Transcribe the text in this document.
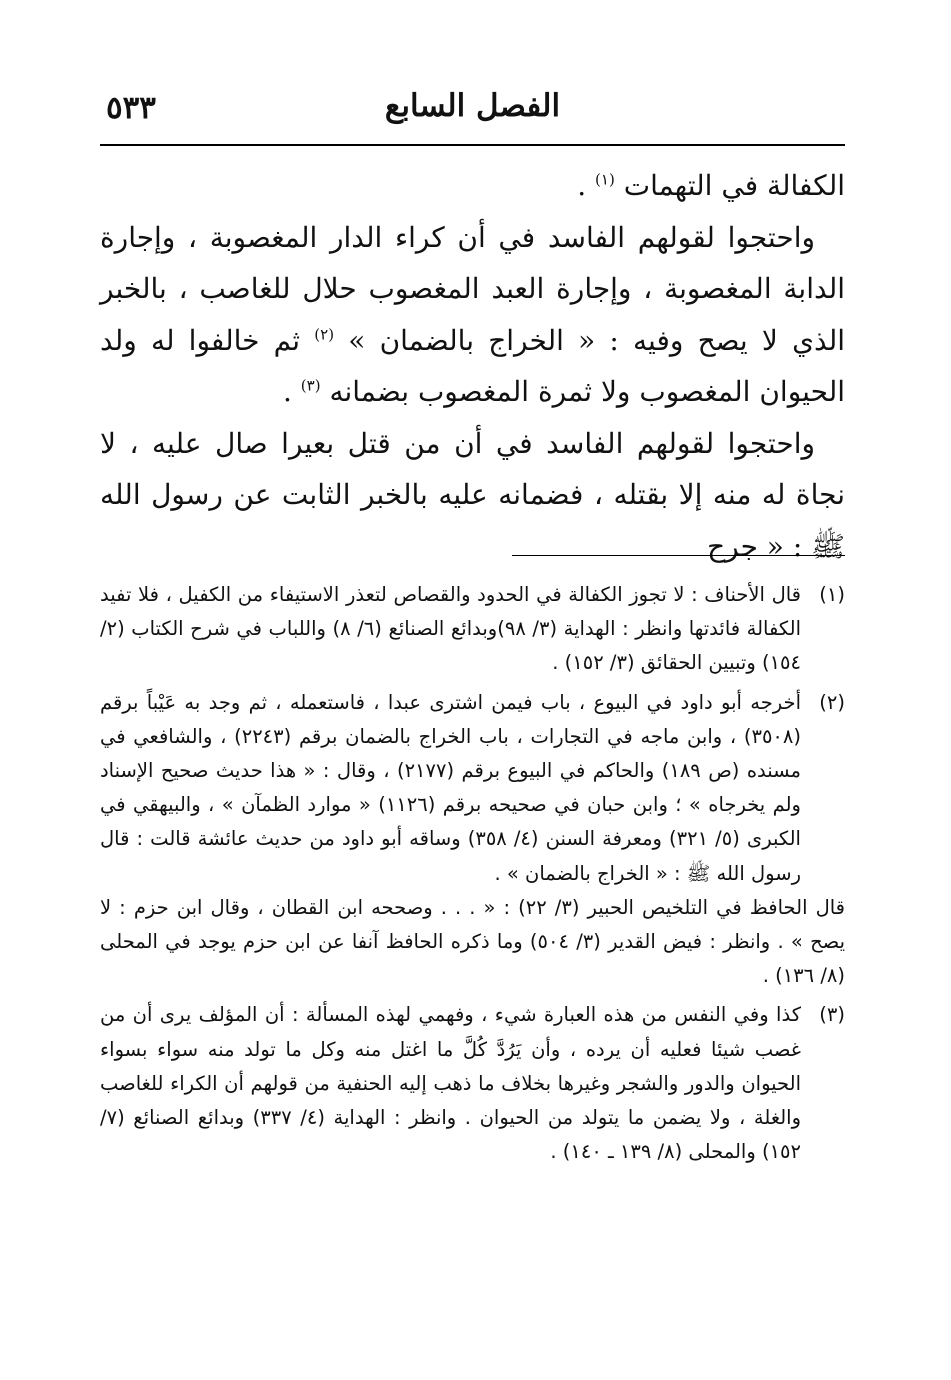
الفصل السابع
٥٣٣

الكفالة في التهمات $^{(١)}$ .

واحتجوا لقولهم الفاسد في أن كراء الدار المغصوبة ، وإجارة الدابة المغصوبة ، وإجارة العبد المغصوب حلال للغاصب ، بالخبر الذي لا يصح وفيه : « الخراج بالضمان » $^{(٢)}$ ثم خالفوا له ولد الحيوان المغصوب ولا ثمرة المغصوب بضمانه $^{(٣)}$ .

واحتجوا لقولهم الفاسد في أن من قتل بعيرا صال عليه ، لا نجاة له منه إلا بقتله ، فضمانه عليه بالخبر الثابت عن رسول الله ﷺ : « جرح

(١)

قال الأحناف : لا تجوز الكفالة في الحدود والقصاص لتعذر الاستيفاء من الكفيل ، فلا تفيد الكفالة فائدتها وانظر : الهداية (٣/ ٩٨)وبدائع الصنائع (٦/ ٨) واللباب في شرح الكتاب (٢/ ١٥٤) وتبيين الحقائق (٣/ ١٥٢) .

(٢)

أخرجه أبو داود في البيوع ، باب فيمن اشترى عبدا ، فاستعمله ، ثم وجد به عَيْباً برقم (٣٥٠٨) ، وابن ماجه في التجارات ، باب الخراج بالضمان برقم (٢٢٤٣) ، والشافعي في مسنده (ص ١٨٩) والحاكم في البيوع برقم (٢١٧٧) ، وقال : « هذا حديث صحيح الإسناد ولم يخرجاه » ؛ وابن حبان في صحيحه برقم (١١٢٦) « موارد الظمآن » ، والبيهقي في الكبرى (٥/ ٣٢١) ومعرفة السنن (٤/ ٣٥٨) وساقه أبو داود من حديث عائشة قالت : قال رسول الله ﷺ : « الخراج بالضمان » .

قال الحافظ في التلخيص الحبير (٣/ ٢٢) : « . . . وصححه ابن القطان ، وقال ابن حزم : لا يصح » . وانظر : فيض القدير (٣/ ٥٠٤) وما ذكره الحافظ آنفا عن ابن حزم يوجد في المحلى (٨/ ١٣٦) .

(٣)

كذا وفي النفس من هذه العبارة شيء ، وفهمي لهذه المسألة : أن المؤلف يرى أن من غصب شيئا فعليه أن يرده ، وأن يَرُدَّ كُلَّ ما اغتل منه وكل ما تولد منه سواء بسواء الحيوان والدور والشجر وغيرها بخلاف ما ذهب إليه الحنفية من قولهم أن الكراء للغاصب والغلة ، ولا يضمن ما يتولد من الحيوان . وانظر : الهداية (٤/ ٣٣٧) وبدائع الصنائع (٧/ ١٥٢) والمحلى (٨/ ١٣٩ ـ ١٤٠) .
